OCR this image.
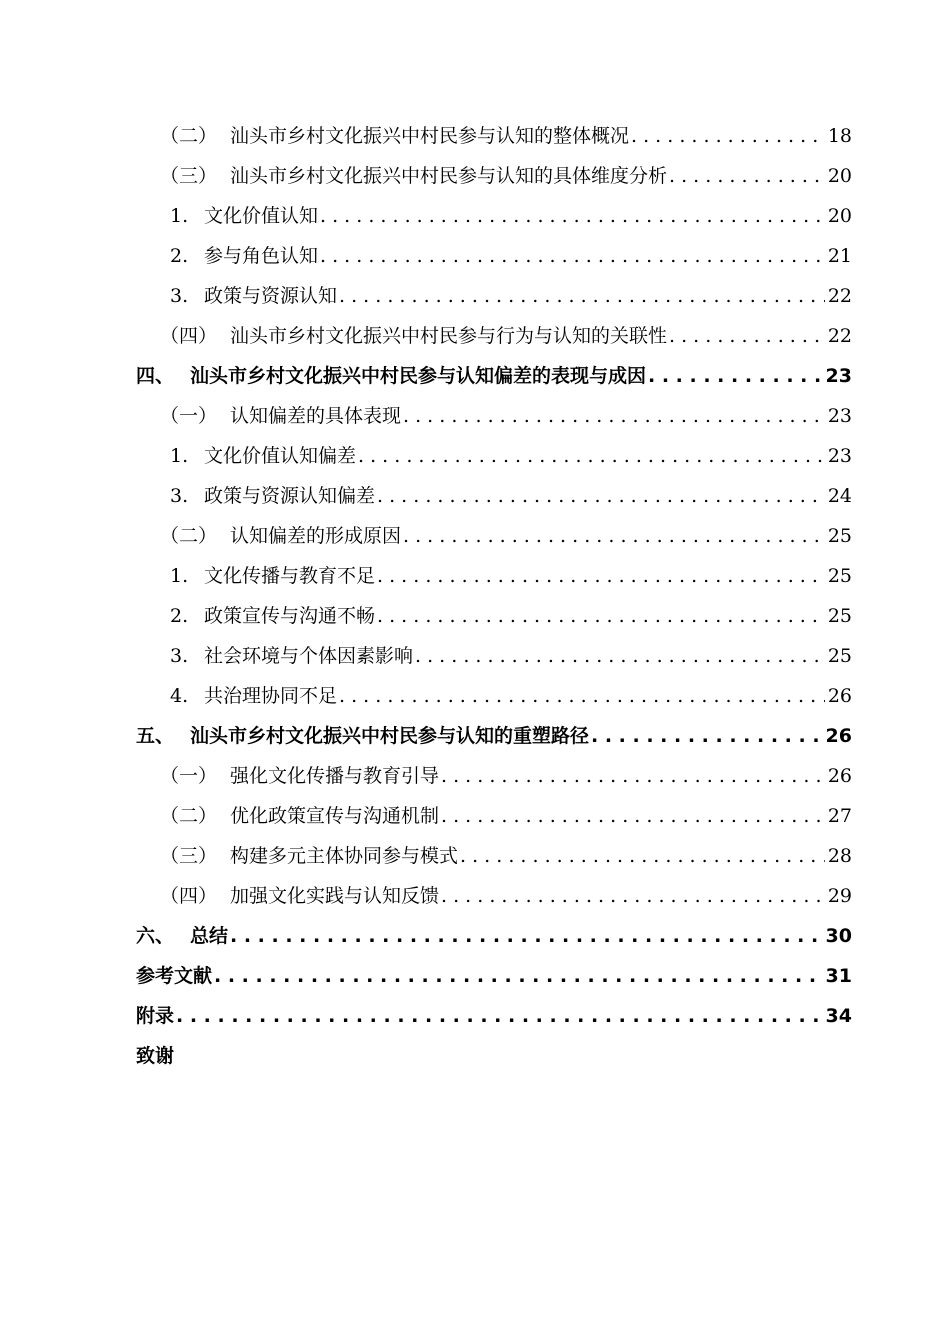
（二） 汕头市乡村文化振兴中村民参与认知的整体概况 . . .	18
（三） 汕头市乡村文化振兴中村民参与认知的具体维度分析 . . .	20
1. 文化价值认知 . . .	20
2. 参与角色认知 . . .	21
3. 政策与资源认知 . . .	22
（四） 汕头市乡村文化振兴中村民参与行为与认知的关联性 . . .	22
四、 汕头市乡村文化振兴中村民参与认知偏差的表现与成因 . . .	23
（一） 认知偏差的具体表现 . . .	23
1. 文化价值认知偏差 . . .	23
3. 政策与资源认知偏差 . . .	24
（二） 认知偏差的形成原因 . . .	25
1. 文化传播与教育不足 . . .	25
2. 政策宣传与沟通不畅 . . .	25
3. 社会环境与个体因素影响 . . .	25
4. 共治理协同不足 . . .	26
五、 汕头市乡村文化振兴中村民参与认知的重塑路径 . . .	26
（一） 强化文化传播与教育引导 . . .	26
（二） 优化政策宣传与沟通机制 . . .	27
（三） 构建多元主体协同参与模式 . . .	28
（四） 加强文化实践与认知反馈 . . .	29
六、 总结 . . .	30
参考文献 . . .	31
附录 . . .	34
致谢
